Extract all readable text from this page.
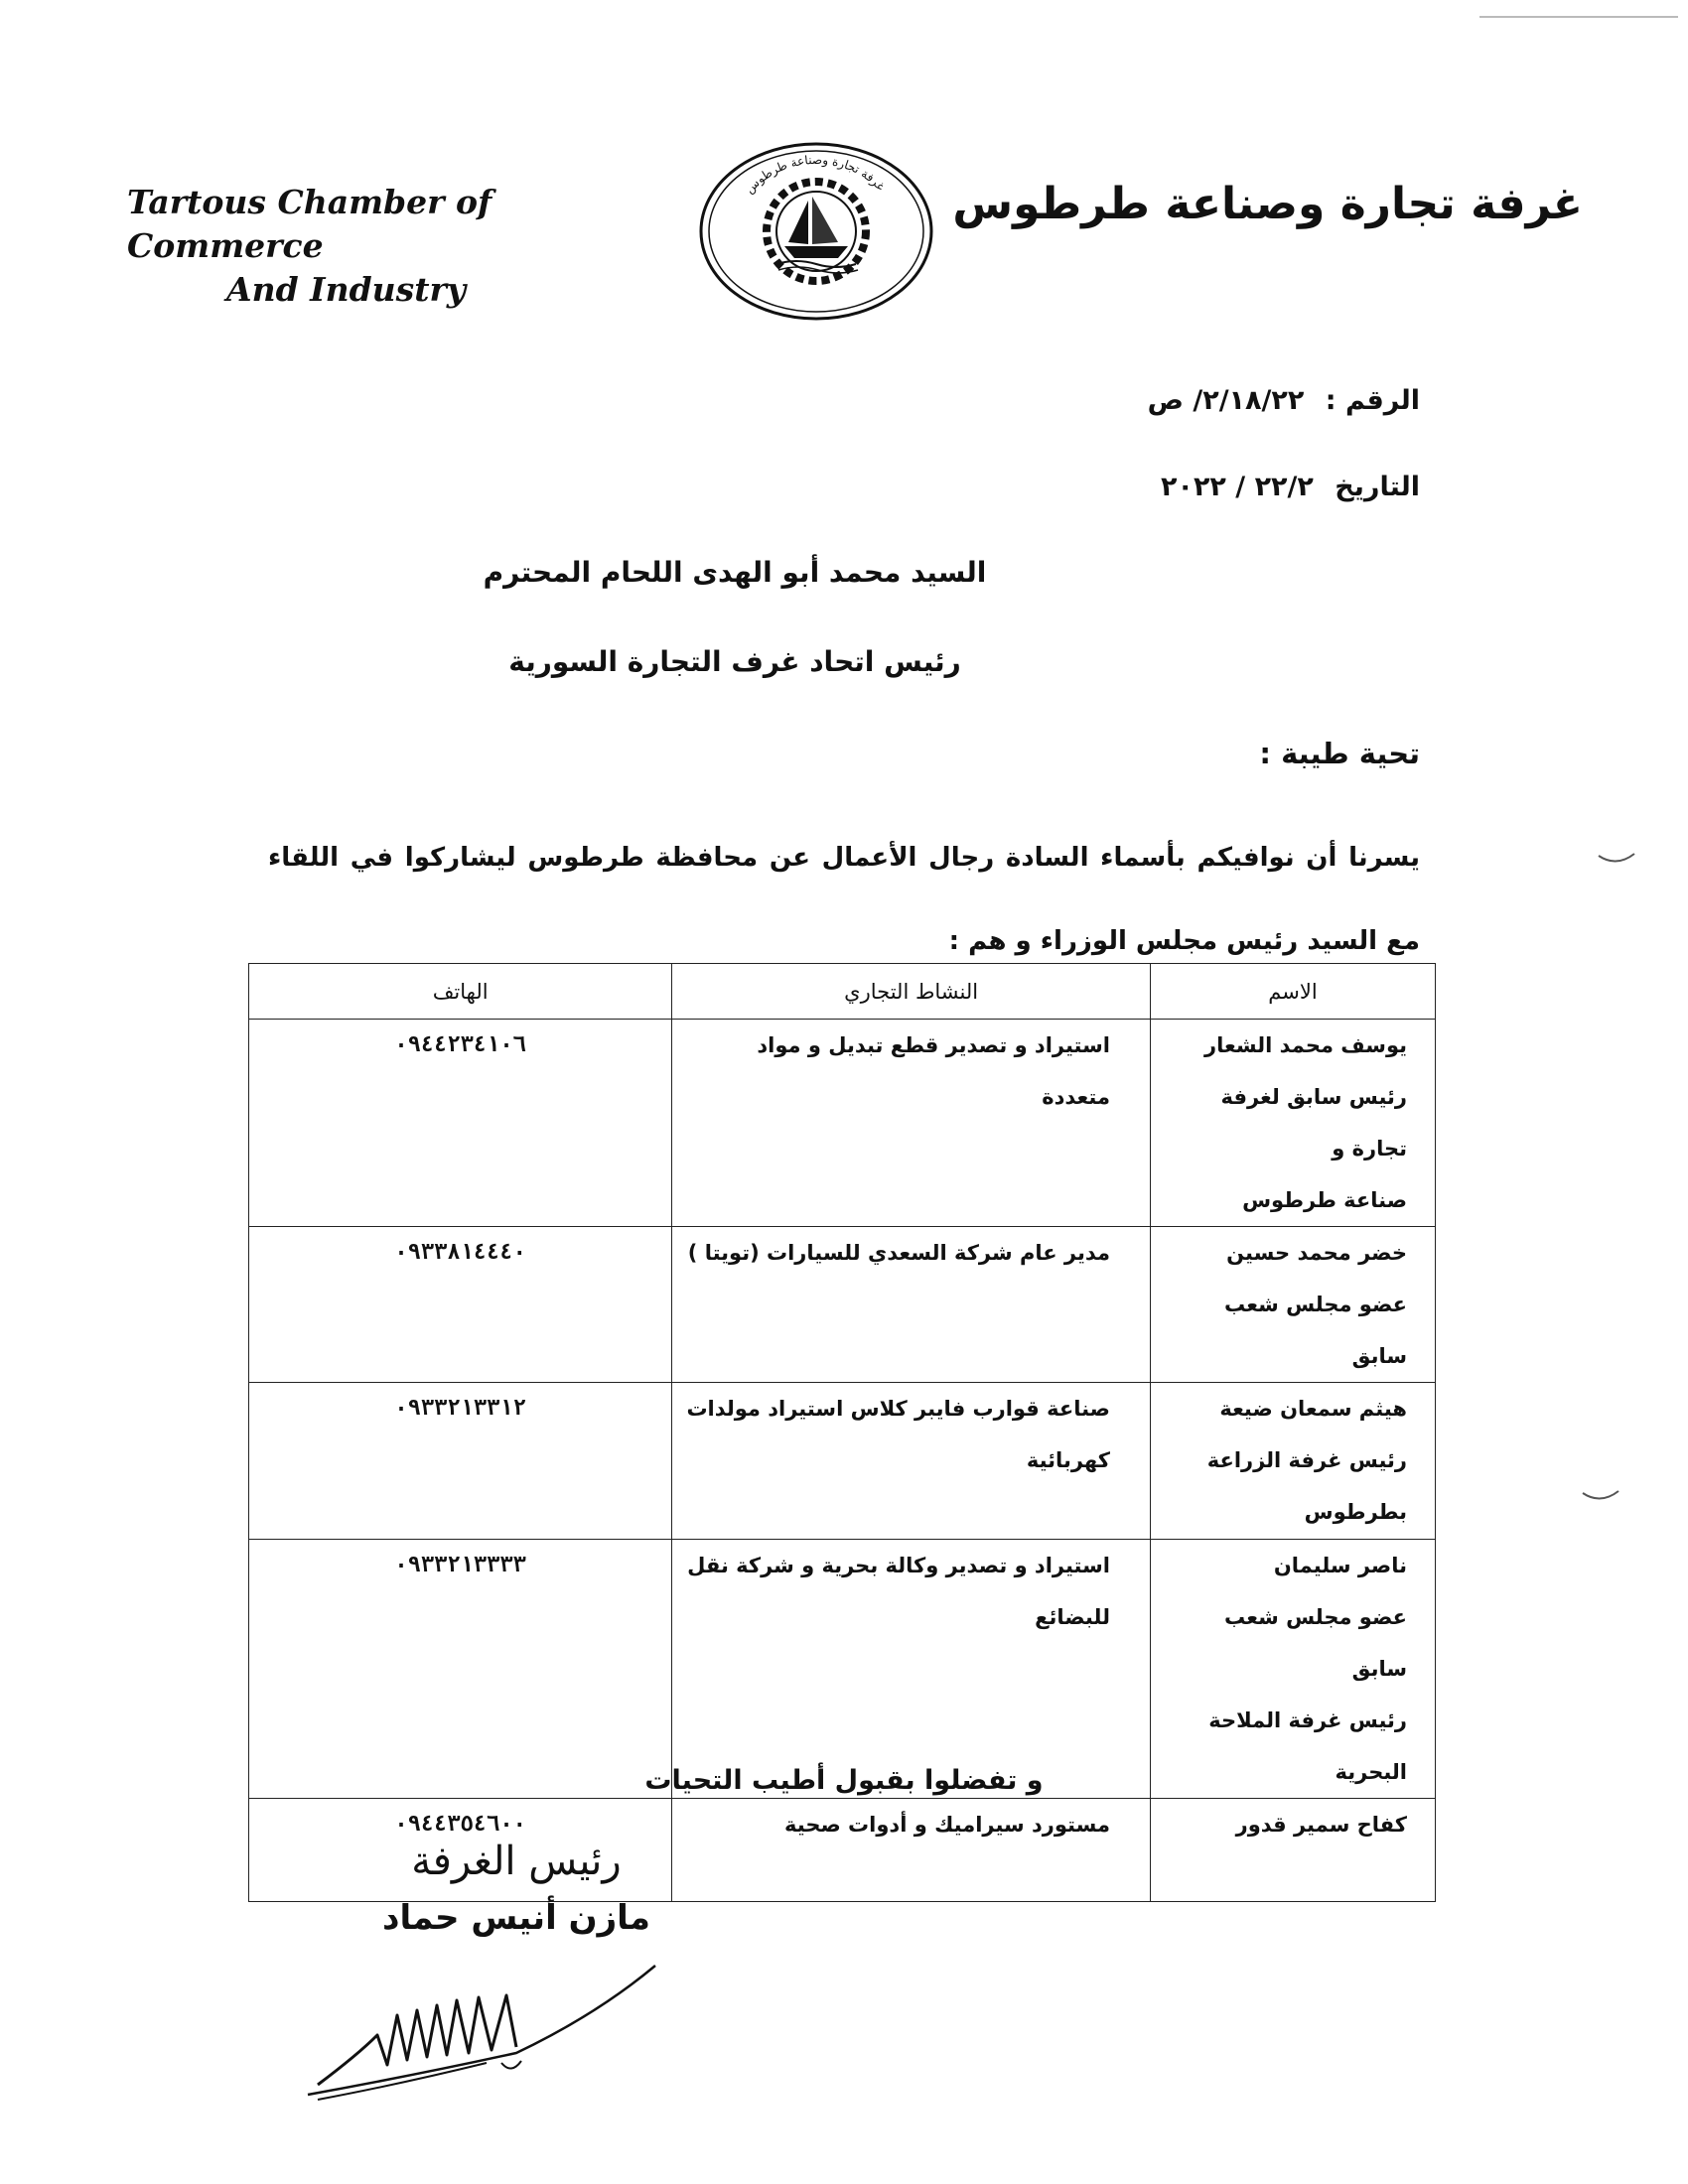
Tartous Chamber of Commerce
And Industry
غرفة تجارة وصناعة طرطوس غرفة تجارة وصناعة طرطوس
الرقم : ٢/١٨/٢٢/ ص
التاريخ ٢٢/٢ / ٢٠٢٢
السيد محمد أبو الهدى اللحام المحترم
رئيس اتحاد غرف التجارة السورية
تحية طيبة :
يسرنا أن نوافيكم بأسماء السادة رجال الأعمال عن محافظة طرطوس ليشاركوا في اللقاء مع السيد رئيس مجلس الوزراء و هم :
الاسم	النشاط التجاري	الهاتف

يوسف محمد الشعار
رئيس سابق لغرفة تجارة و
صناعة طرطوس	استيراد و تصدير قطع تبديل و مواد متعددة	٠٩٤٤٢٣٤١٠٦

خضر محمد حسين
عضو مجلس شعب سابق	مدير عام شركة السعدي للسيارات (تويتا )	٠٩٣٣٨١٤٤٤٠

هيثم سمعان ضيعة
رئيس غرفة الزراعة
بطرطوس	صناعة قوارب فايبر كلاس استيراد مولدات كهربائية	٠٩٣٣٢١٣٣١٢

ناصر سليمان
عضو مجلس شعب سابق
رئيس غرفة الملاحة
البحرية	استيراد و تصدير وكالة بحرية و شركة نقل للبضائع	٠٩٣٣٢١٣٣٣٣

كفاح سمير قدور	مستورد سيراميك و أدوات صحية	٠٩٤٤٣٥٤٦٠٠
و تفضلوا بقبول أطيب التحيات
رئيس الغرفة
مازن أنيس حماد
